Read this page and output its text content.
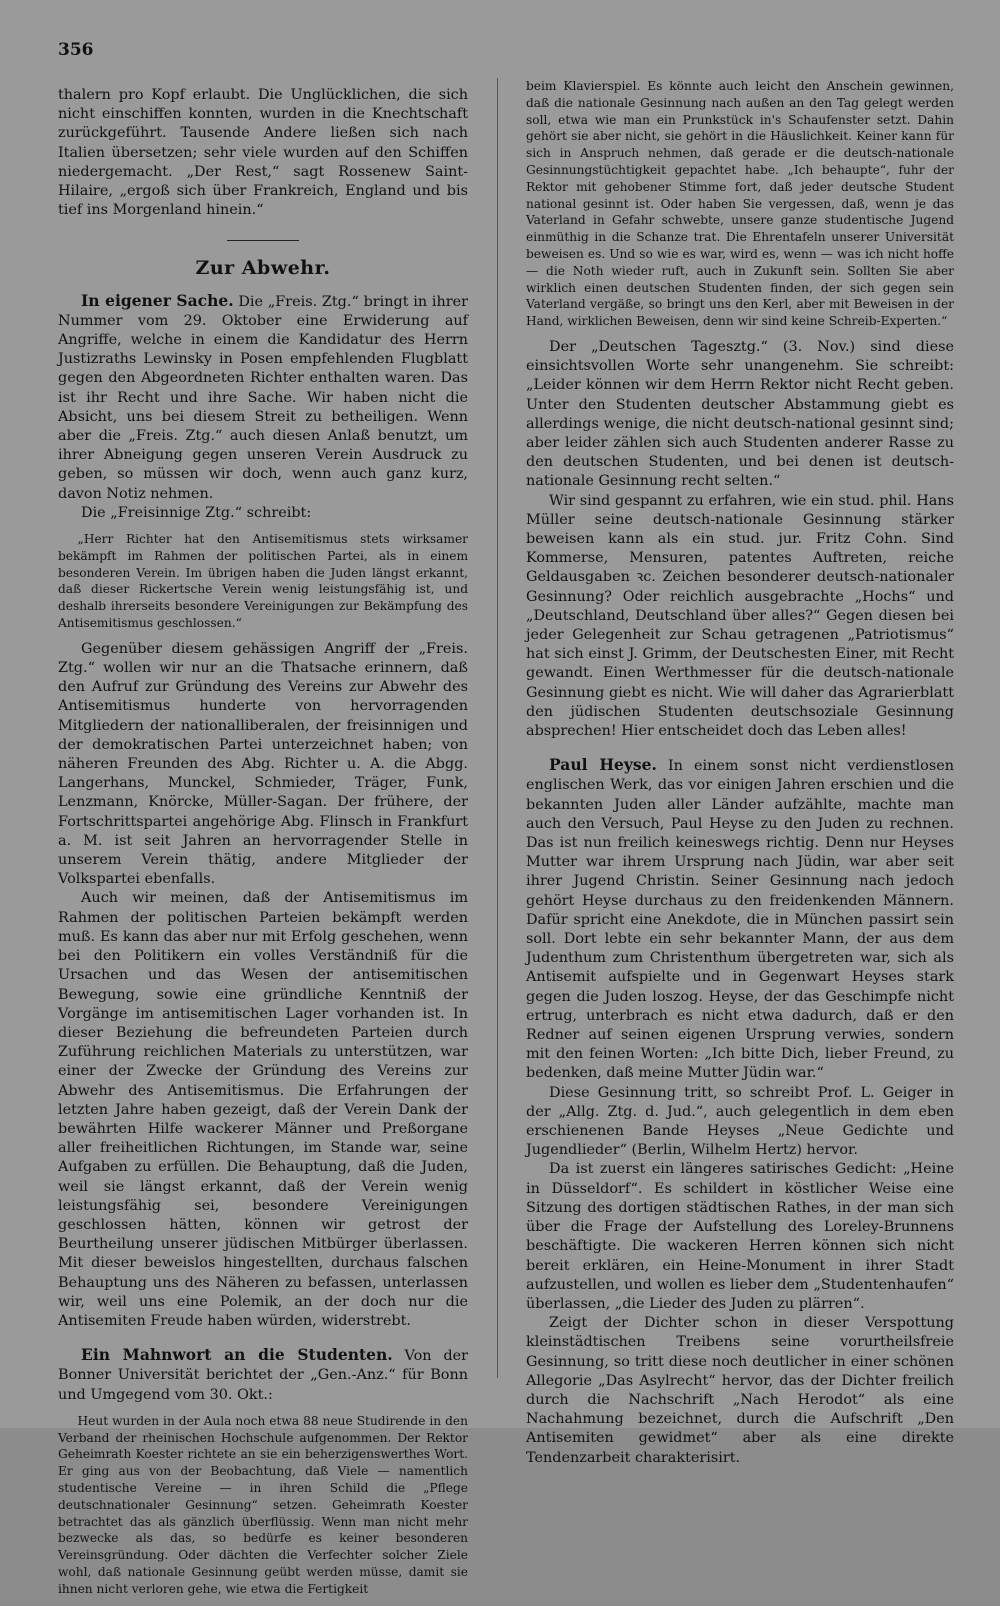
356

thalern pro Kopf erlaubt. Die Unglücklichen, die sich nicht einschiffen konnten, wurden in die Knechtschaft zurückgeführt. Tausende Andere ließen sich nach Italien übersetzen; sehr viele wurden auf den Schiffen niedergemacht. „Der Rest,“ sagt Rossenew Saint-Hilaire, „ergoß sich über Frankreich, England und bis tief ins Morgenland hinein.“

Zur Abwehr.

In eigener Sache. Die „Freis. Ztg.“ bringt in ihrer Nummer vom 29. Oktober eine Erwiderung auf Angriffe, welche in einem die Kandidatur des Herrn Justizraths Lewinsky in Posen empfehlenden Flugblatt gegen den Abgeordneten Richter enthalten waren. Das ist ihr Recht und ihre Sache. Wir haben nicht die Absicht, uns bei diesem Streit zu betheiligen. Wenn aber die „Freis. Ztg.“ auch diesen Anlaß benutzt, um ihrer Abneigung gegen unseren Verein Ausdruck zu geben, so müssen wir doch, wenn auch ganz kurz, davon Notiz nehmen.

Die „Freisinnige Ztg.“ schreibt:

„Herr Richter hat den Antisemitismus stets wirksamer bekämpft im Rahmen der politischen Partei, als in einem besonderen Verein. Im übrigen haben die Juden längst erkannt, daß dieser Rickertsche Verein wenig leistungsfähig ist, und deshalb ihrerseits besondere Vereinigungen zur Bekämpfung des Antisemitismus geschlossen.“

Gegenüber diesem gehässigen Angriff der „Freis. Ztg.“ wollen wir nur an die Thatsache erinnern, daß den Aufruf zur Gründung des Vereins zur Abwehr des Antisemitismus hunderte von hervorragenden Mitgliedern der nationalliberalen, der freisinnigen und der demokratischen Partei unterzeichnet haben; von näheren Freunden des Abg. Richter u. A. die Abgg. Langerhans, Munckel, Schmieder, Träger, Funk, Lenzmann, Knörcke, Müller-Sagan. Der frühere, der Fortschrittspartei angehörige Abg. Flinsch in Frankfurt a. M. ist seit Jahren an hervorragender Stelle in unserem Verein thätig, andere Mitglieder der Volkspartei ebenfalls.

Auch wir meinen, daß der Antisemitismus im Rahmen der politischen Parteien bekämpft werden muß. Es kann das aber nur mit Erfolg geschehen, wenn bei den Politikern ein volles Verständniß für die Ursachen und das Wesen der antisemitischen Bewegung, sowie eine gründliche Kenntniß der Vorgänge im antisemitischen Lager vorhanden ist. In dieser Beziehung die befreundeten Parteien durch Zuführung reichlichen Materials zu unterstützen, war einer der Zwecke der Gründung des Vereins zur Abwehr des Antisemitismus. Die Erfahrungen der letzten Jahre haben gezeigt, daß der Verein Dank der bewährten Hilfe wackerer Männer und Preßorgane aller freiheitlichen Richtungen, im Stande war, seine Aufgaben zu erfüllen. Die Behauptung, daß die Juden, weil sie längst erkannt, daß der Verein wenig leistungsfähig sei, besondere Vereinigungen geschlossen hätten, können wir getrost der Beurtheilung unserer jüdischen Mitbürger überlassen. Mit dieser beweislos hingestellten, durchaus falschen Behauptung uns des Näheren zu befassen, unterlassen wir, weil uns eine Polemik, an der doch nur die Antisemiten Freude haben würden, widerstrebt.

Ein Mahnwort an die Studenten. Von der Bonner Universität berichtet der „Gen.-Anz.“ für Bonn und Umgegend vom 30. Okt.:

Heut wurden in der Aula noch etwa 88 neue Studirende in den Verband der rheinischen Hochschule aufgenommen. Der Rektor Geheimrath Koester richtete an sie ein beherzigenswerthes Wort. Er ging aus von der Beobachtung, daß Viele — namentlich studentische Vereine — in ihren Schild die „Pflege deutschnationaler Gesinnung“ setzen. Geheimrath Koester betrachtet das als gänzlich überflüssig. Wenn man nicht mehr bezwecke als das, so bedürfe es keiner besonderen Vereinsgründung. Oder dächten die Verfechter solcher Ziele wohl, daß nationale Gesinnung geübt werden müsse, damit sie ihnen nicht verloren gehe, wie etwa die Fertigkeit

beim Klavierspiel. Es könnte auch leicht den Anschein gewinnen, daß die nationale Gesinnung nach außen an den Tag gelegt werden soll, etwa wie man ein Prunkstück in's Schaufenster setzt. Dahin gehört sie aber nicht, sie gehört in die Häuslichkeit. Keiner kann für sich in Anspruch nehmen, daß gerade er die deutsch-nationale Gesinnungstüchtigkeit gepachtet habe. „Ich behaupte“, fuhr der Rektor mit gehobener Stimme fort, daß jeder deutsche Student national gesinnt ist. Oder haben Sie vergessen, daß, wenn je das Vaterland in Gefahr schwebte, unsere ganze studentische Jugend einmüthig in die Schanze trat. Die Ehrentafeln unserer Universität beweisen es. Und so wie es war, wird es, wenn — was ich nicht hoffe — die Noth wieder ruft, auch in Zukunft sein. Sollten Sie aber wirklich einen deutschen Studenten finden, der sich gegen sein Vaterland vergäße, so bringt uns den Kerl, aber mit Beweisen in der Hand, wirklichen Beweisen, denn wir sind keine Schreib-Experten.“

Der „Deutschen Tagesztg.“ (3. Nov.) sind diese einsichtsvollen Worte sehr unangenehm. Sie schreibt: „Leider können wir dem Herrn Rektor nicht Recht geben. Unter den Studenten deutscher Abstammung giebt es allerdings wenige, die nicht deutsch-national gesinnt sind; aber leider zählen sich auch Studenten anderer Rasse zu den deutschen Studenten, und bei denen ist deutsch-nationale Gesinnung recht selten.“

Wir sind gespannt zu erfahren, wie ein stud. phil. Hans Müller seine deutsch-nationale Gesinnung stärker beweisen kann als ein stud. jur. Fritz Cohn. Sind Kommerse, Mensuren, patentes Auftreten, reiche Geldausgaben ꝛc. Zeichen besonderer deutsch-nationaler Gesinnung? Oder reichlich ausgebrachte „Hochs“ und „Deutschland, Deutschland über alles?“ Gegen diesen bei jeder Gelegenheit zur Schau getragenen „Patriotismus“ hat sich einst J. Grimm, der Deutschesten Einer, mit Recht gewandt. Einen Werthmesser für die deutsch-nationale Gesinnung giebt es nicht. Wie will daher das Agrarierblatt den jüdischen Studenten deutschsoziale Gesinnung absprechen! Hier entscheidet doch das Leben alles!

Paul Heyse. In einem sonst nicht verdienstlosen englischen Werk, das vor einigen Jahren erschien und die bekannten Juden aller Länder aufzählte, machte man auch den Versuch, Paul Heyse zu den Juden zu rechnen. Das ist nun freilich keineswegs richtig. Denn nur Heyses Mutter war ihrem Ursprung nach Jüdin, war aber seit ihrer Jugend Christin. Seiner Gesinnung nach jedoch gehört Heyse durchaus zu den freidenkenden Männern. Dafür spricht eine Anekdote, die in München passirt sein soll. Dort lebte ein sehr bekannter Mann, der aus dem Judenthum zum Christenthum übergetreten war, sich als Antisemit aufspielte und in Gegenwart Heyses stark gegen die Juden loszog. Heyse, der das Geschimpfe nicht ertrug, unterbrach es nicht etwa dadurch, daß er den Redner auf seinen eigenen Ursprung verwies, sondern mit den feinen Worten: „Ich bitte Dich, lieber Freund, zu bedenken, daß meine Mutter Jüdin war.“

Diese Gesinnung tritt, so schreibt Prof. L. Geiger in der „Allg. Ztg. d. Jud.“, auch gelegentlich in dem eben erschienenen Bande Heyses „Neue Gedichte und Jugendlieder“ (Berlin, Wilhelm Hertz) hervor.

Da ist zuerst ein längeres satirisches Gedicht: „Heine in Düsseldorf“. Es schildert in köstlicher Weise eine Sitzung des dortigen städtischen Rathes, in der man sich über die Frage der Aufstellung des Loreley-Brunnens beschäftigte. Die wackeren Herren können sich nicht bereit erklären, ein Heine-Monument in ihrer Stadt aufzustellen, und wollen es lieber dem „Studentenhaufen“ überlassen, „die Lieder des Juden zu plärren“.

Zeigt der Dichter schon in dieser Verspottung kleinstädtischen Treibens seine vorurtheilsfreie Gesinnung, so tritt diese noch deutlicher in einer schönen Allegorie „Das Asylrecht“ hervor, das der Dichter freilich durch die Nachschrift „Nach Herodot“ als eine Nachahmung bezeichnet, durch die Aufschrift „Den Antisemiten gewidmet“ aber als eine direkte Tendenzarbeit charakterisirt.
